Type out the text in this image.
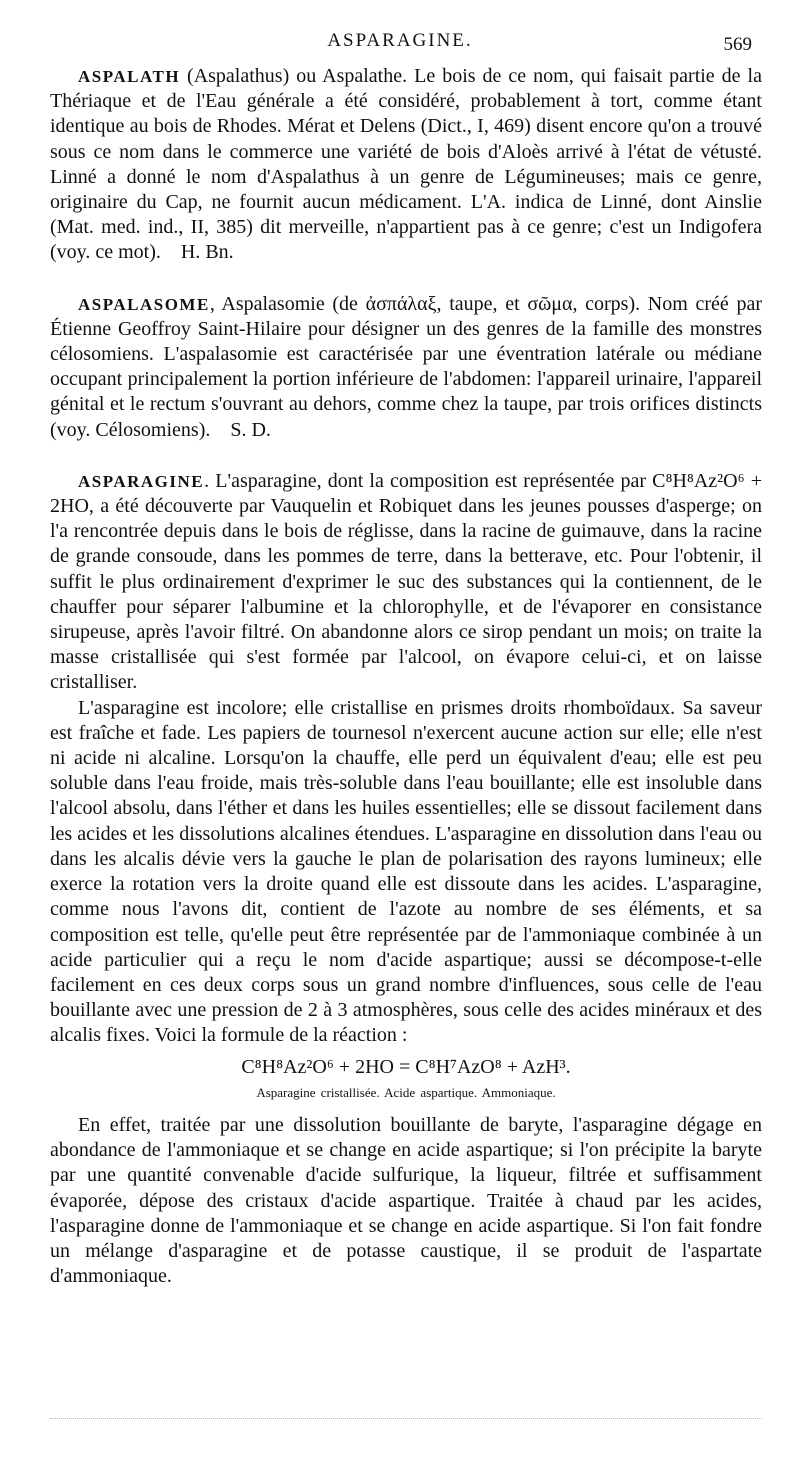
ASPARAGINE.	569

ASPALATH (Aspalathus) ou Aspalathe. Le bois de ce nom, qui faisait partie de la Thériaque et de l'Eau générale a été considéré, probablement à tort, comme étant identique au bois de Rhodes. Mérat et Delens (Dict., I, 469) disent encore qu'on a trouvé sous ce nom dans le commerce une variété de bois d'Aloès arrivé à l'état de vétusté. Linné a donné le nom d'Aspalathus à un genre de Légumineuses; mais ce genre, originaire du Cap, ne fournit aucun médicament. L'A. indica de Linné, dont Ainslie (Mat. med. ind., II, 385) dit merveille, n'appartient pas à ce genre; c'est un Indigofera (voy. ce mot). H. Bn.

ASPALASOME, Aspalasomie (de ἀσπάλαξ, taupe, et σῶμα, corps). Nom créé par Étienne Geoffroy Saint-Hilaire pour désigner un des genres de la famille des monstres célosomiens. L'aspalasomie est caractérisée par une éventration latérale ou médiane occupant principalement la portion inférieure de l'abdomen: l'appareil urinaire, l'appareil génital et le rectum s'ouvrant au dehors, comme chez la taupe, par trois orifices distincts (voy. Célosomiens). S. D.

ASPARAGINE. L'asparagine, dont la composition est représentée par C⁸H⁸Az²O⁶ + 2HO, a été découverte par Vauquelin et Robiquet dans les jeunes pousses d'asperge; on l'a rencontrée depuis dans le bois de réglisse, dans la racine de guimauve, dans la racine de grande consoude, dans les pommes de terre, dans la betterave, etc. Pour l'obtenir, il suffit le plus ordinairement d'exprimer le suc des substances qui la contiennent, de le chauffer pour séparer l'albumine et la chlorophylle, et de l'évaporer en consistance sirupeuse, après l'avoir filtré. On abandonne alors ce sirop pendant un mois; on traite la masse cristallisée qui s'est formée par l'alcool, on évapore celui-ci, et on laisse cristalliser.

L'asparagine est incolore; elle cristallise en prismes droits rhomboïdaux. Sa saveur est fraîche et fade. Les papiers de tournesol n'exercent aucune action sur elle; elle n'est ni acide ni alcaline. Lorsqu'on la chauffe, elle perd un équivalent d'eau; elle est peu soluble dans l'eau froide, mais très-soluble dans l'eau bouillante; elle est insoluble dans l'alcool absolu, dans l'éther et dans les huiles essentielles; elle se dissout facilement dans les acides et les dissolutions alcalines étendues. L'asparagine en dissolution dans l'eau ou dans les alcalis dévie vers la gauche le plan de polarisation des rayons lumineux; elle exerce la rotation vers la droite quand elle est dissoute dans les acides. L'asparagine, comme nous l'avons dit, contient de l'azote au nombre de ses éléments, et sa composition est telle, qu'elle peut être représentée par de l'ammoniaque combinée à un acide particulier qui a reçu le nom d'acide aspartique; aussi se décompose-t-elle facilement en ces deux corps sous un grand nombre d'influences, sous celle de l'eau bouillante avec une pression de 2 à 3 atmosphères, sous celle des acides minéraux et des alcalis fixes. Voici la formule de la réaction :

C⁸H⁸Az²O⁶ + 2HO = C⁸H⁷AzO⁸ + AzH³.
Asparagine cristallisée. Acide aspartique. Ammoniaque.

En effet, traitée par une dissolution bouillante de baryte, l'asparagine dégage en abondance de l'ammoniaque et se change en acide aspartique; si l'on précipite la baryte par une quantité convenable d'acide sulfurique, la liqueur, filtrée et suffisamment évaporée, dépose des cristaux d'acide aspartique. Traitée à chaud par les acides, l'asparagine donne de l'ammoniaque et se change en acide aspartique. Si l'on fait fondre un mélange d'asparagine et de potasse caustique, il se produit de l'aspartate d'ammoniaque.
